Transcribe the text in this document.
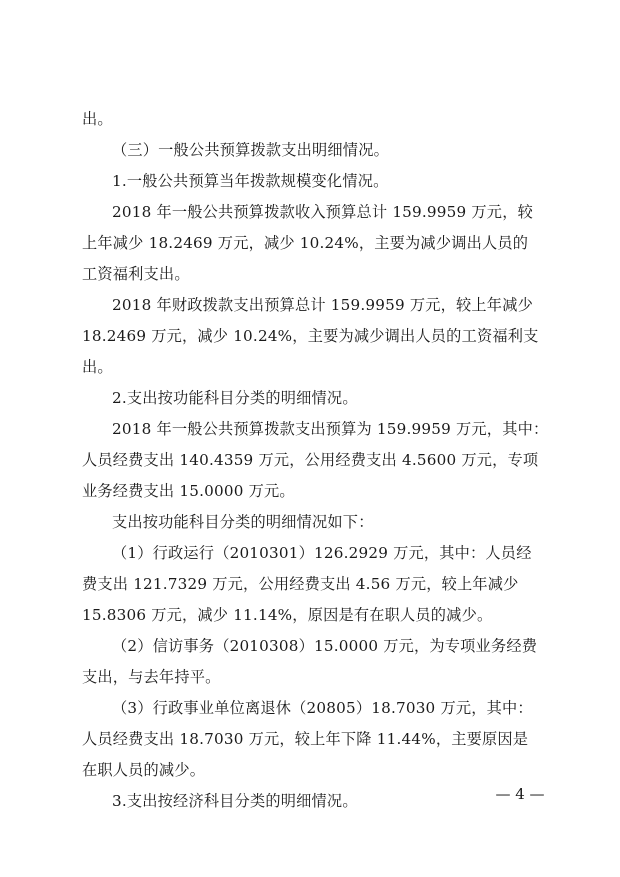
出。
（三）一般公共预算拨款支出明细情况。
1.一般公共预算当年拨款规模变化情况。
2018 年一般公共预算拨款收入预算总计 159.9959 万元，较
上年减少 18.2469 万元，减少 10.24%，主要为减少调出人员的
工资福利支出。
2018 年财政拨款支出预算总计 159.9959 万元，较上年减少
18.2469 万元，减少 10.24%，主要为减少调出人员的工资福利支
出。
2.支出按功能科目分类的明细情况。
2018 年一般公共预算拨款支出预算为 159.9959 万元，其中：
人员经费支出 140.4359 万元，公用经费支出 4.5600 万元，专项
业务经费支出 15.0000 万元。
支出按功能科目分类的明细情况如下：
（1）行政运行（2010301）126.2929 万元，其中：人员经
费支出 121.7329 万元，公用经费支出 4.56 万元，较上年减少
15.8306 万元，减少 11.14%，原因是有在职人员的减少。
（2）信访事务（2010308）15.0000 万元，为专项业务经费
支出，与去年持平。
（3）行政事业单位离退休（20805）18.7030 万元，其中：
人员经费支出 18.7030 万元，较上年下降 11.44%，主要原因是
在职人员的减少。
3.支出按经济科目分类的明细情况。	— 4 —
